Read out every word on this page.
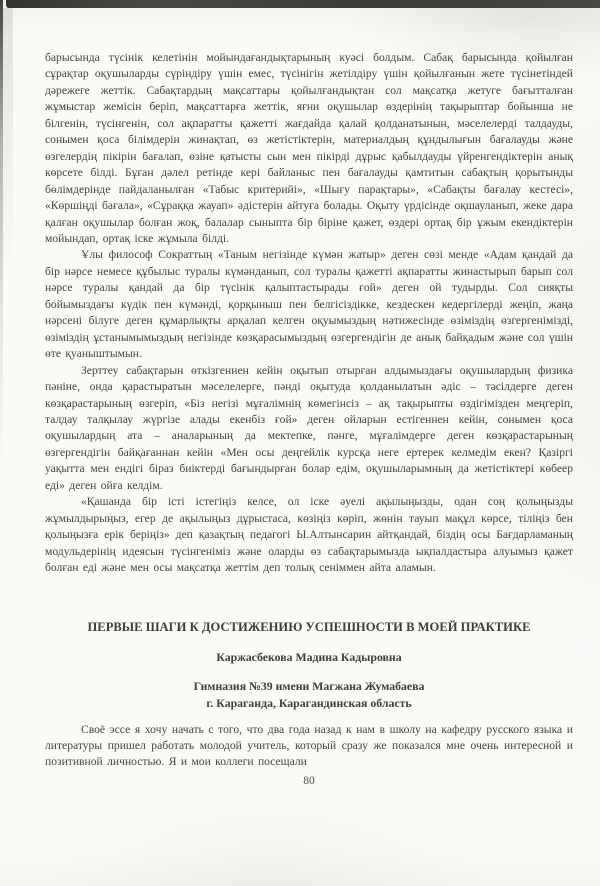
барысында түсінік келетінін мойындағандықтарының куәсі болдым. Сабақ барысында қойылған сұрақтар оқушыларды сүріндіру үшін емес, түсінігін жетілдіру үшін қойылғанын жете түсінетіндей дәрежеге жеттік. Сабақтардың мақсаттары қойылғандықтан сол мақсатқа жетуге бағытталған жұмыстар жемісін беріп, мақсаттарға жеттік, яғни оқушылар өздерінің тақырыптар бойынша не білгенін, түсінгенін, сол ақпаратты қажетті жағдайда қалай қолданатынын, мәселелерді талдауды, сонымен қоса білімдерін жинақтап, өз жетістіктерін, материалдың құндылығын бағалауды және өзгелердің пікірін бағалап, өзіне қатысты сын мен пікірді дұрыс қабылдауды үйренгендіктерін анық көрсете білді. Бұған дәлел ретінде кері байланыс пен бағалауды қамтитын сабақтың қорытынды бөлімдерінде пайдаланылған «Табыс критерийі», «Шығу парақтары», «Сабақты бағалау кестесі», «Көршіңді бағала», «Сұраққа жауап» әдістерін айтуға болады. Оқыту үрдісінде оқшауланып, жеке дара қалған оқушылар болған жоқ, балалар сыныпта бір біріне қажет, өздері ортақ бір ұжым екендіктерін мойындап, ортақ іске жұмыла білді.

Ұлы философ Сократтың «Таным негізінде күмән жатыр» деген сөзі менде «Адам қандай да бір нәрсе немесе құбылыс туралы күмәнданып, сол туралы қажетті ақпаратты жинастырып барып сол нәрсе туралы қандай да бір түсінік қалыптастырады ғой» деген ой тудырды. Сол сияқты бойымыздағы күдік пен күмәнді, қорқыныш пен белгісіздікке, кездескен кедергілерді жеңіп, жаңа нәрсені білуге деген құмарлықты арқалап келген оқуымыздың нәтижесінде өзіміздің өзгергенімізді, өзіміздің ұстанымымыздың негізінде көзқарасымыздың өзгергендігін де анық байқадым және сол үшін өте қуаныштымын.

Зерттеу сабақтарын өткізгеннен кейін оқытып отырған алдымыздағы оқушылардың физика пәніне, онда қарастыратын мәселелерге, пәнді оқытуда қолданылатын әдіс – тәсілдерге деген көзқарастарының өзгеріп, «Біз негізі мұғалімнің көмегінсіз – ақ тақырыпты өздігімізден меңгеріп, талдау талқылау жүргізе алады екенбіз ғой» деген ойларын естігеннен кейін, сонымен қоса оқушылардың ата – аналарының да мектепке, пәнге, мұғалімдерге деген көзқарастарының өзгергендігін байқағаннан кейін «Мен осы деңгейлік курсқа неге ертерек келмедім екен? Қазіргі уақытта мен ендігі біраз биіктерді бағындырған болар едім, оқушыларымның да жетістіктері көбеер еді» деген ойға келдім.

«Қашанда бір істі істегіңіз келсе, ол іске әуелі ақылыңызды, одан соң қолыңызды жұмылдырыңыз, егер де ақылыңыз дұрыстаса, көзіңіз көріп, жөнін тауып мақұл көрсе, тіліңіз бен қолыңызға ерік беріңіз» деп қазақтың педагогі Ы.Алтынсарин айтқандай, біздің осы Бағдарламаның модульдерінің идеясын түсінгеніміз және оларды өз сабақтарымызда ықпалдастыра алуымыз қажет болған еді және мен осы мақсатқа жеттім деп толық сеніммен айта аламын.

ПЕРВЫЕ ШАГИ К ДОСТИЖЕНИЮ УСПЕШНОСТИ В МОЕЙ ПРАКТИКЕ
Каржасбекова Мадина Кадыровна
Гимназия №39 имени Магжана Жумабаева
г. Караганда, Карагандинская область

Своё эссе я хочу начать с того, что два года назад к нам в школу на кафедру русского языка и литературы пришел работать молодой учитель, который сразу же показался мне очень интересной и позитивной личностью. Я и мои коллеги посещали

80
